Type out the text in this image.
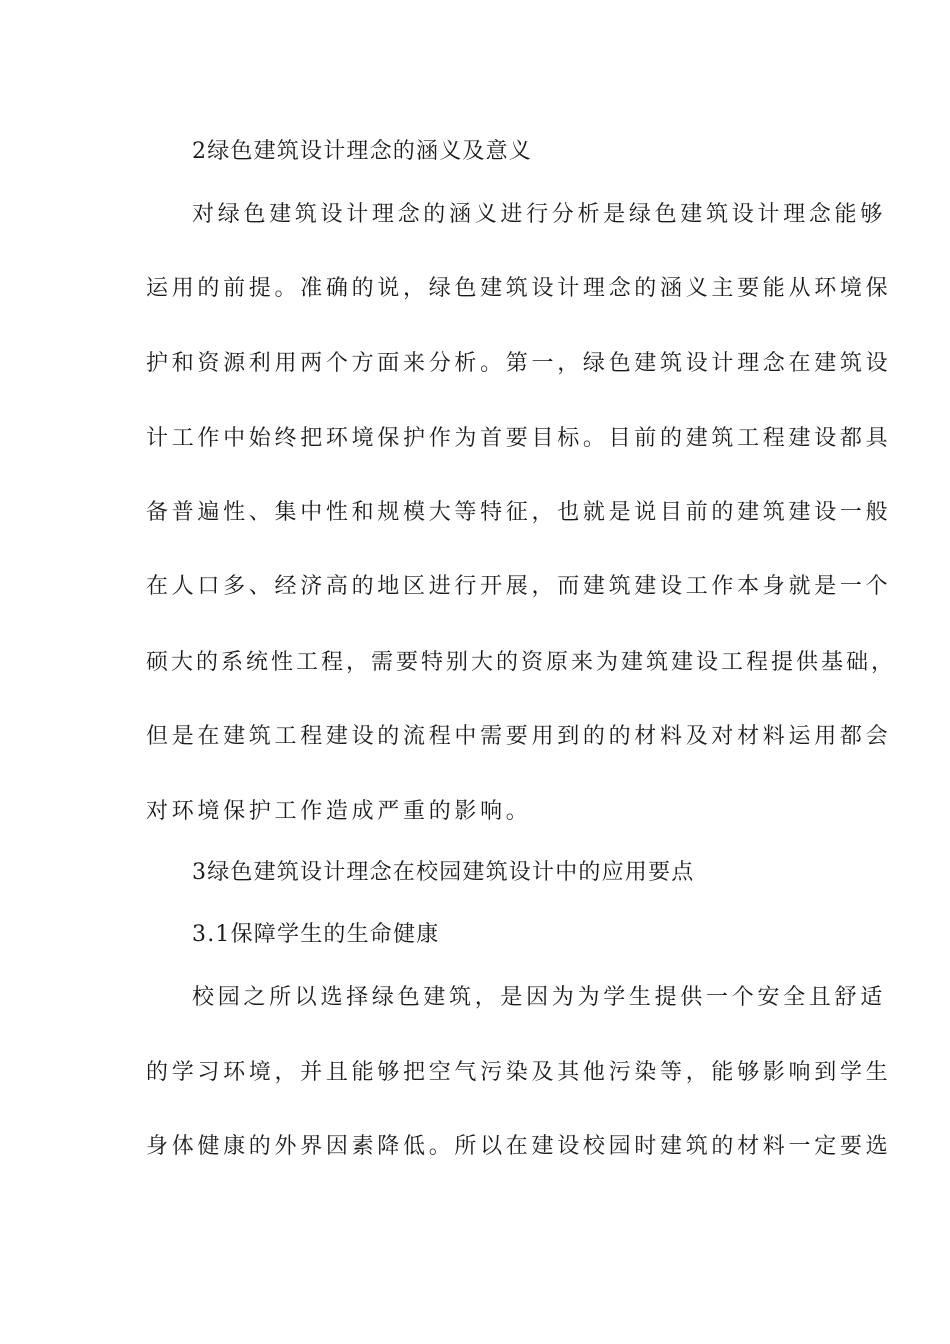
2绿色建筑设计理念的涵义及意义
对绿色建筑设计理念的涵义进行分析是绿色建筑设计理念能够
运用的前提。准确的说，绿色建筑设计理念的涵义主要能从环境保
护和资源利用两个方面来分析。第一，绿色建筑设计理念在建筑设
计工作中始终把环境保护作为首要目标。目前的建筑工程建设都具
备普遍性、集中性和规模大等特征，也就是说目前的建筑建设一般
在人口多、经济高的地区进行开展，而建筑建设工作本身就是一个
硕大的系统性工程，需要特别大的资原来为建筑建设工程提供基础，
但是在建筑工程建设的流程中需要用到的的材料及对材料运用都会
对环境保护工作造成严重的影响。
3绿色建筑设计理念在校园建筑设计中的应用要点
3.1保障学生的生命健康
校园之所以选择绿色建筑，是因为为学生提供一个安全且舒适
的学习环境，并且能够把空气污染及其他污染等，能够影响到学生
身体健康的外界因素降低。所以在建设校园时建筑的材料一定要选
